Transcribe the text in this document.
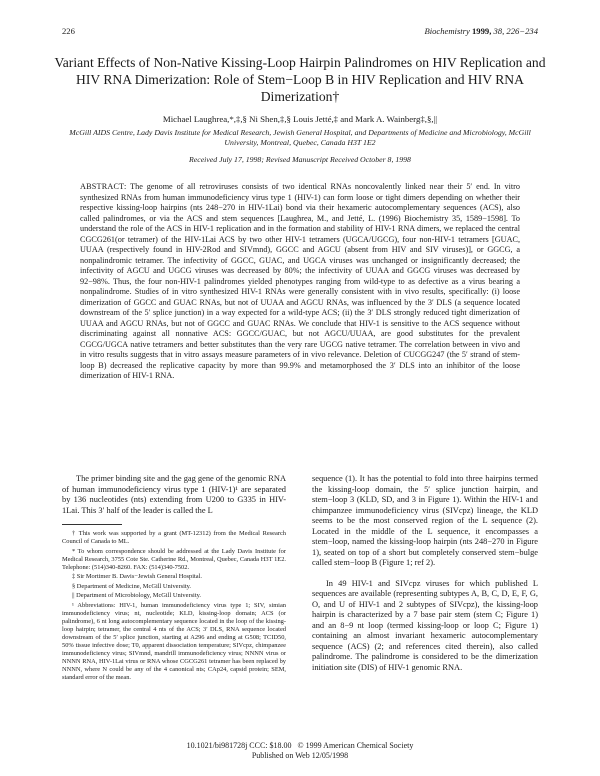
226	Biochemistry 1999, 38, 226−234
Variant Effects of Non-Native Kissing-Loop Hairpin Palindromes on HIV Replication and HIV RNA Dimerization: Role of Stem−Loop B in HIV Replication and HIV RNA Dimerization†
Michael Laughrea,*,‡,§ Ni Shen,‡,§ Louis Jetté,‡ and Mark A. Wainberg‡,§,||
McGill AIDS Centre, Lady Davis Institute for Medical Research, Jewish General Hospital, and Departments of Medicine and Microbiology, McGill University, Montreal, Quebec, Canada H3T 1E2
Received July 17, 1998; Revised Manuscript Received October 8, 1998

ABSTRACT: The genome of all retroviruses consists of two identical RNAs noncovalently linked near their 5′ end. In vitro synthesized RNAs from human immunodeficiency virus type 1 (HIV-1) can form loose or tight dimers depending on whether their respective kissing-loop hairpins (nts 248−270 in HIV-1Lai) bond via their hexameric autocomplementary sequences (ACS), also called palindromes, or via the ACS and stem sequences [Laughrea, M., and Jetté, L. (1996) Biochemistry 35, 1589−1598]. To understand the role of the ACS in HIV-1 replication and in the formation and stability of HIV-1 RNA dimers, we replaced the central CGCG261(or tetramer) of the HIV-1Lai ACS by two other HIV-1 tetramers (UGCA/UGCG), four non-HIV-1 tetramers [GUAC, UUAA (respectively found in HIV-2Rod and SIVmnd), GGCC and AGCU (absent from HIV and SIV viruses)], or GGCG, a nonpalindromic tetramer. The infectivity of GGCC, GUAC, and UGCA viruses was unchanged or insignificantly decreased; the infectivity of AGCU and UGCG viruses was decreased by 80%; the infectivity of UUAA and GGCG viruses was decreased by 92−98%. Thus, the four non-HIV-1 palindromes yielded phenotypes ranging from wild-type to as defective as a virus bearing a nonpalindrome. Studies of in vitro synthesized HIV-1 RNAs were generally consistent with in vivo results, specifically: (i) loose dimerization of GGCC and GUAC RNAs, but not of UUAA and AGCU RNAs, was influenced by the 3′ DLS (a sequence located downstream of the 5′ splice junction) in a way expected for a wild-type ACS; (ii) the 3′ DLS strongly reduced tight dimerization of UUAA and AGCU RNAs, but not of GGCC and GUAC RNAs. We conclude that HIV-1 is sensitive to the ACS sequence without discriminating against all nonnative ACS: GGCC/GUAC, but not AGCU/UUAA, are good substitutes for the prevalent CGCG/UGCA native tetramers and better substitutes than the very rare UGCG native tetramer. The correlation between in vivo and in vitro results suggests that in vitro assays measure parameters of in vivo relevance. Deletion of CUCGG247 (the 5′ strand of stem-loop B) decreased the replicative capacity by more than 99.9% and metamorphosed the 3′ DLS into an inhibitor of the loose dimerization of HIV-1 RNA.

The primer binding site and the gag gene of the genomic RNA of human immunodeficiency virus type 1 (HIV-1)¹ are separated by 136 nucleotides (nts) extending from U200 to G335 in HIV-1Lai. This 3′ half of the leader is called the L

† This work was supported by a grant (MT-12312) from the Medical Research Council of Canada to ML.

* To whom correspondence should be addressed at the Lady Davis Institute for Medical Research, 3755 Cote Ste. Catherine Rd., Montreal, Quebec, Canada H3T 1E2. Telephone: (514)340-8260. FAX: (514)340-7502.

‡ Sir Mortimer B. Davis−Jewish General Hospital.

§ Department of Medicine, McGill University.

|| Department of Microbiology, McGill University.

¹ Abbreviations: HIV-1, human immunodeficiency virus type 1; SIV, simian immunodeficiency virus; nt, nucleotide; KLD, kissing-loop domain; ACS (or palindrome), 6 nt long autocomplementary sequence located in the loop of the kissing-loop hairpin; tetramer, the central 4 nts of the ACS; 3′ DLS, RNA sequence located downstream of the 5′ splice junction, starting at A296 and ending at G508; TCID50, 50% tissue infective dose; T0, apparent dissociation temperature; SIVcpz, chimpanzee immunodeficiency virus; SIVmnd, mandrill immunodeficiency virus; NNNN virus or NNNN RNA, HIV-1Lai virus or RNA whose CGCG261 tetramer has been replaced by NNNN, where N could be any of the 4 canonical nts; CAp24, capsid protein; SEM, standard error of the mean.

sequence (1). It has the potential to fold into three hairpins termed the kissing-loop domain, the 5′ splice junction hairpin, and stem−loop 3 (KLD, SD, and 3 in Figure 1). Within the HIV-1 and chimpanzee immunodeficiency virus (SIVcpz) lineage, the KLD seems to be the most conserved region of the L sequence (2). Located in the middle of the L sequence, it encompasses a stem−loop, named the kissing-loop hairpin (nts 248−270 in Figure 1), seated on top of a short but completely conserved stem−bulge called stem−loop B (Figure 1; ref 2).

In 49 HIV-1 and SIVcpz viruses for which published L sequences are available (representing subtypes A, B, C, D, E, F, G, O, and U of HIV-1 and 2 subtypes of SIVcpz), the kissing-loop hairpin is characterized by a 7 base pair stem (stem C; Figure 1) and an 8−9 nt loop (termed kissing-loop or loop C; Figure 1) containing an almost invariant hexameric autocomplementary sequence (ACS) (2; and references cited therein), also called palindrome. The palindrome is considered to be the dimerization initiation site (DIS) of HIV-1 genomic RNA.

10.1021/bi981728j CCC: $18.00   © 1999 American Chemical Society
Published on Web 12/05/1998
